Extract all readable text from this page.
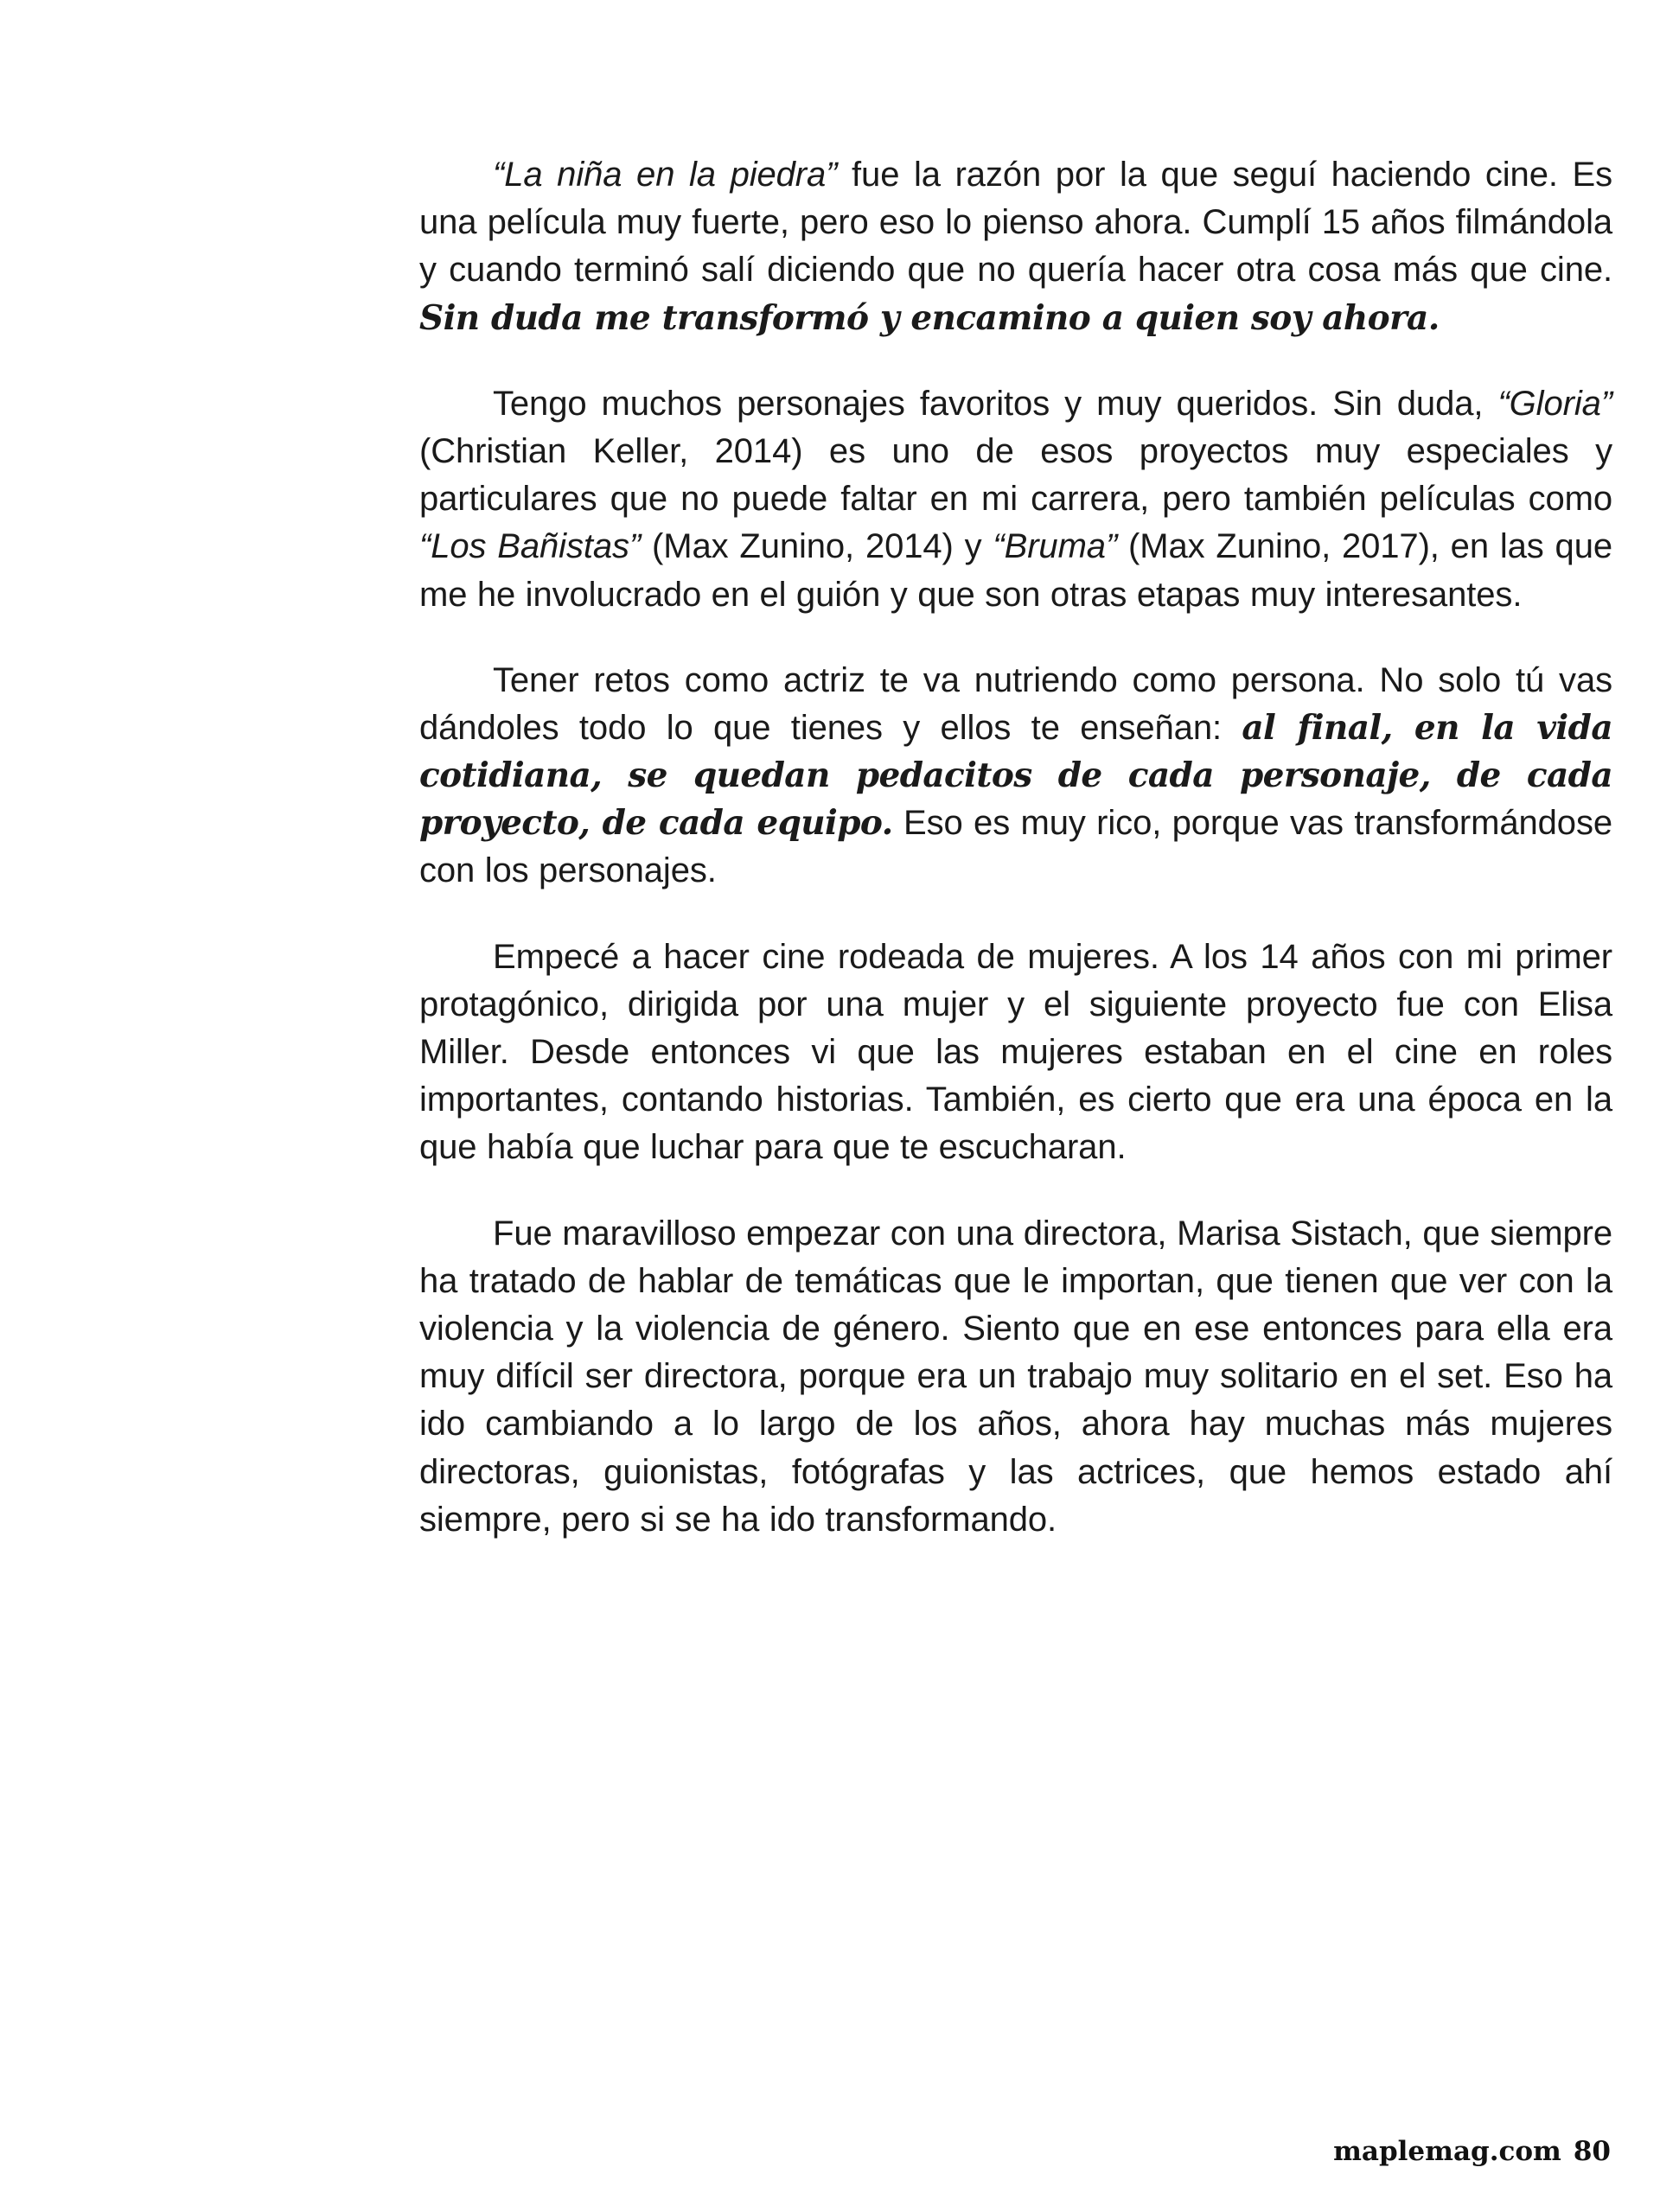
“La niña en la piedra” fue la razón por la que seguí haciendo cine. Es una película muy fuerte, pero eso lo pienso ahora. Cumplí 15 años filmándola y cuando terminó salí diciendo que no quería hacer otra cosa más que cine. Sin duda me transformó y encamino a quien soy ahora.

Tengo muchos personajes favoritos y muy queridos. Sin duda, “Gloria” (Christian Keller, 2014) es uno de esos proyectos muy especiales y particulares que no puede faltar en mi carrera, pero también películas como “Los Bañistas” (Max Zunino, 2014) y “Bruma” (Max Zunino, 2017), en las que me he involucrado en el guión y que son otras etapas muy interesantes.

Tener retos como actriz te va nutriendo como persona. No solo tú vas dándoles todo lo que tienes y ellos te enseñan: al final, en la vida cotidiana, se quedan pedacitos de cada personaje, de cada proyecto, de cada equipo. Eso es muy rico, porque vas transformándose con los personajes.

Empecé a hacer cine rodeada de mujeres. A los 14 años con mi primer protagónico, dirigida por una mujer y el siguiente proyecto fue con Elisa Miller. Desde entonces vi que las mujeres estaban en el cine en roles importantes, contando historias. También, es cierto que era una época en la que había que luchar para que te escucharan.

Fue maravilloso empezar con una directora, Marisa Sistach, que siempre ha tratado de hablar de temáticas que le importan, que tienen que ver con la violencia y la violencia de género. Siento que en ese entonces para ella era muy difícil ser directora, porque era un trabajo muy solitario en el set. Eso ha ido cambiando a lo largo de los años, ahora hay muchas más mujeres directoras, guionistas, fotógrafas y las actrices, que hemos estado ahí siempre, pero si se ha ido transformando.

maplemag.com 80
